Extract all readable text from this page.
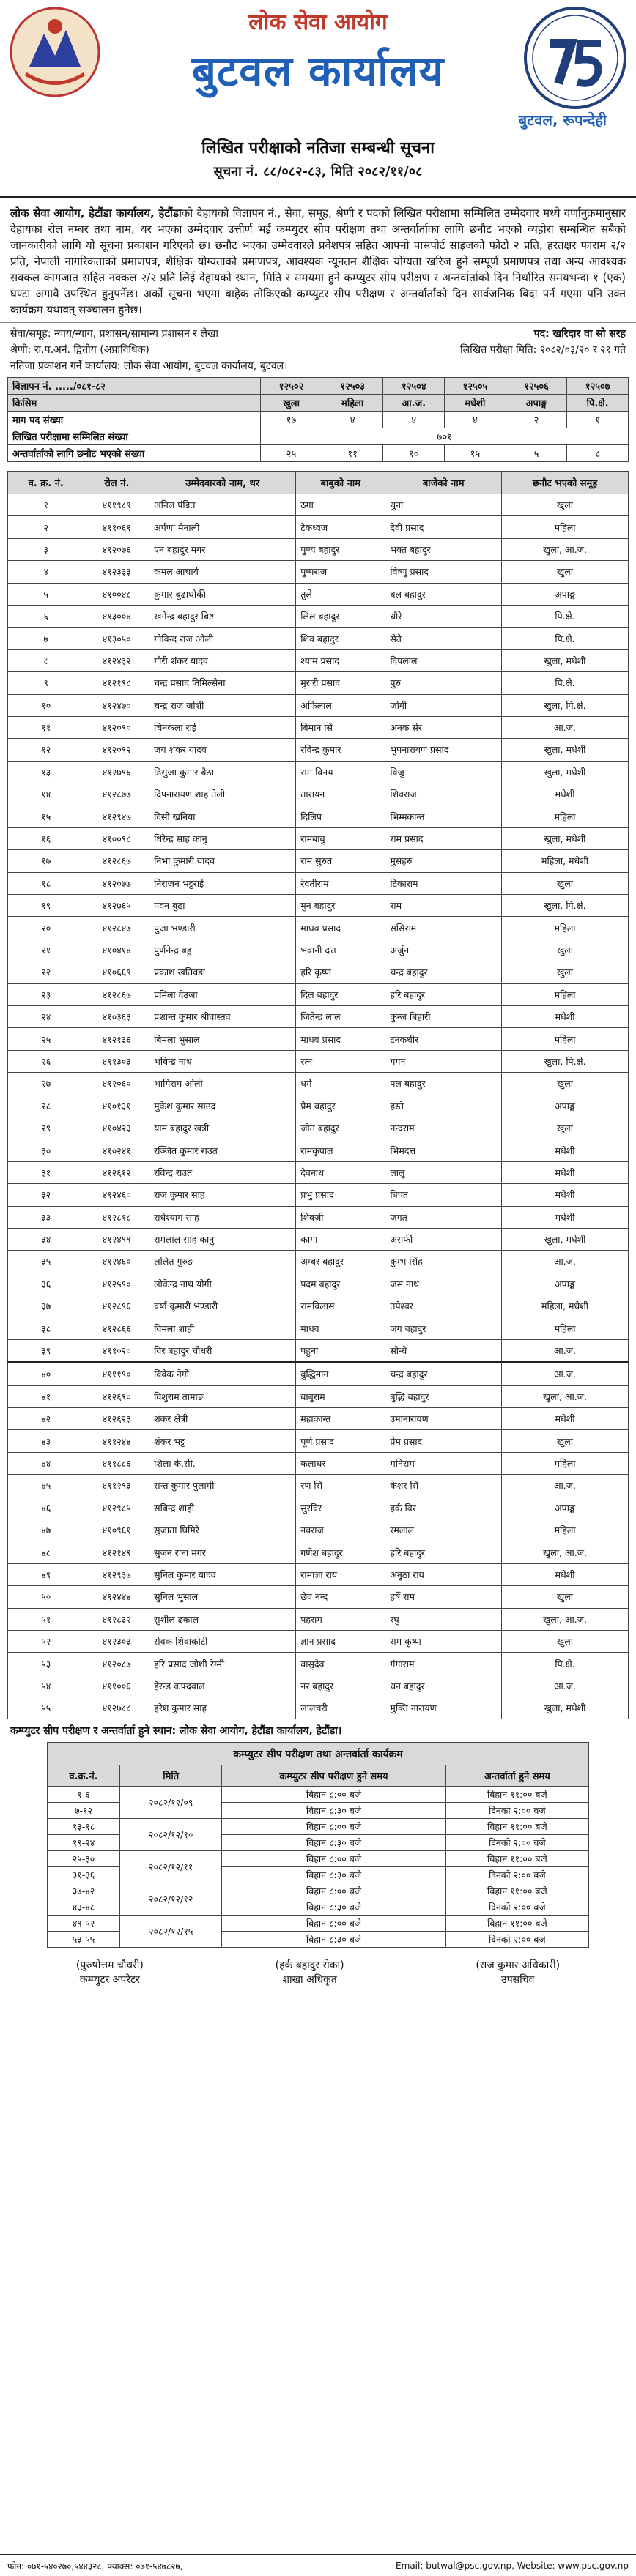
लोक सेवा आयोग
बुटवल कार्यालय
बुटवल, रूपन्देही
लिखित परीक्षाको नतिजा सम्बन्धी सूचना
सूचना नं. ८८/०८२-८३, मिति २०८२/११/०८
लोक सेवा आयोग, हेटौंडा कार्यालय, हेटौंडाको देहायको विज्ञापन नं., सेवा, समूह, श्रेणी र पदको लिखित परीक्षामा सम्मिलित उम्मेदवार मध्ये वर्णानुक्रमानुसार देहायका रोल नम्बर तथा नाम, थर भएका उम्मेदवार उत्तीर्ण भई कम्प्युटर सीप परीक्षण तथा अन्तर्वार्ताका लागि छनौट भएको व्यहोरा सम्बन्धित सबैको जानकारीको लागि यो सूचना प्रकाशन गरिएको छ। छनौट भएका उम्मेदवारले प्रवेशपत्र सहित आफ्नो पासपोर्ट साइजको फोटो २ प्रति, हरतक्षर फाराम २/२ प्रति, नेपाली नागरिकताको प्रमाणपत्र, शैक्षिक योग्यताको प्रमाणपत्र, आवश्यक न्यूनतम शैक्षिक योग्यता खरिज हुने सम्पूर्ण प्रमाणपत्र तथा अन्य आवश्यक सक्कल कागजात सहित नक्कल २/२ प्रति लिई देहायको स्थान, मिति र समयमा हुने कम्प्युटर सीप परीक्षण र अन्तर्वार्ताको दिन निर्धारित समयभन्दा १ (एक) घण्टा अगावै उपस्थित हुनुपर्नेछ। अर्को सूचना भएमा बाहेक तोकिएको कम्प्युटर सीप परीक्षण र अन्तर्वार्ताको दिन सार्वजनिक बिदा पर्न गएमा पनि उक्त कार्यक्रम यथावत् सञ्चालन हुनेछ।
सेवा/समूह: न्याय/न्याय, प्रशासन/सामान्य प्रशासन र लेखा	पद: खरिदार वा सो सरह
श्रेणी: रा.प.अनं. द्वितीय (अप्राविधिक)	लिखित परीक्षा मिति: २०८२/०३/२० र २१ गते
नतिजा प्रकाशन गर्ने कार्यालय: लोक सेवा आयोग, बुटवल कार्यालय, बुटवल।
विज्ञापन नं. ...../०८१-८२	१२५०२	१२५०३	१२५०४	१२५०५	१२५०६	१२५०७
किसिम	खुला	महिला	आ.ज.	मधेशी	अपाङ्ग	पि.क्षे.
माग पद संख्या	१७	४	४	४	२	१
लिखित परीक्षामा सम्मिलित संख्या	७०१					
अन्तर्वार्ताको लागि छनौट भएको संख्या	२५	११	१०	१५	५	८
व. क्र. नं.	रोल नं.	उम्मेदवारको नाम, थर	बाबुको नाम	बाजेको नाम	छनौट भएको समूह
१	४११९८९	अनिल पंडित	ठगा	धुना	खुला
२	४११०६१	अर्पणा मैनाली	टेकध्वज	देवी प्रसाद	महिला
३	४१२०७६	एन बहादुर मगर	पुण्य बहादुर	भक्त बहादुर	खुला, आ.ज.
४	४१२३३३	कमल आचार्य	पुष्पराज	विष्णु प्रसाद	खुला
५	४१००४८	कुमार बुढाथोकी	तुले	बल बहादुर	अपाङ्ग
६	४१३००४	खगेन्द्र बहादुर बिष्ट	लिल बहादुर	धौरे	पि.क्षे.
७	४१३०५०	गोविन्द राज ओली	शिव बहादुर	सेते	पि.क्षे.
८	४१२४३२	गौरी शंकर यादव	श्याम प्रसाद	दिपलाल	खुला, मधेशी
९	४१२१९८	चन्द्र प्रसाद तिमिल्सेना	मुरारी प्रसाद	पुरु	पि.क्षे.
१०	४१२४७०	चन्द्र राज जोशी	अफिलाल	जोगी	खुला, पि.क्षे.
११	४१२०९०	चिनकला राई	बिमान सिं	अनक सेर	आ.ज.
१२	४१२०९२	जय शंकर यादव	रविन्द्र कुमार	भुपनारायण प्रसाद	खुला, मधेशी
१३	४१२७९६	डिसुजा कुमार बैठा	राम विनय	विजु	खुला, मधेशी
१४	४१२८७७	दिपनारायण शाह तेली	तारायन	शिवराज	मधेशी
१५	४१२९४७	दिसी खनिया	दिलिप	भिम्मकान्त	महिला
१६	४१००९८	धिरेन्द्र साह कानु	रामबाबु	राम प्रसाद	खुला, मधेशी
१७	४१२८६७	निभा कुमारी यादव	राम सुरुत	मुसहरु	महिला, मधेशी
१८	४१२०७७	निराजन भट्टराई	रेवतीराम	टिकाराम	खुला
१९	४१२७६५	पवन बुढा	मुन बहादुर	राम	खुला, पि.क्षे.
२०	४१२८४७	पुजा भण्डारी	माधव प्रसाद	ससिराम	महिला
२१	४१०४१४	पुर्णनेन्द्र बहु	भवानी दत्त	अर्जुन	खुला
२२	४१०६६९	प्रकाश खतिवडा	हरि कृष्ण	चन्द्र बहादुर	खुला
२३	४१२८६७	प्रमिला देउजा	दिल बहादुर	हरि बहादुर	महिला
२४	४१०३६३	प्रशान्त कुमार श्रीवास्तव	जितेन्द्र लाल	कुन्ज बिहारी	मधेशी
२५	४१२१३६	बिमला भुसाल	माधव प्रसाद	टनकधीर	महिला
२६	४११३०३	भविन्द्र नाथ	रत्न	गगन	खुला, पि.क्षे.
२७	४१२०६०	भागिराम ओली	धर्मे	पल बहादुर	खुला
२८	४१०१३१	मुकेश कुमार साउद	प्रेम बहादुर	हस्ते	अपाङ्ग
२९	४१०४२३	याम बहादुर खत्री	जीत बहादुर	नन्दराम	खुला
३०	४१०२४१	रञ्जित कुमार राउत	रामकृपाल	भिमदत्त	मधेशी
३१	४१२६१२	रविन्द्र राउत	देवनाथ	लालु	मधेशी
३२	४१२४६०	राज कुमार साह	प्रभु प्रसाद	बिपत	मधेशी
३३	४१२८१८	राधेश्याम साह	शिवजी	जगत	मधेशी
३४	४१२४९९	रामलाल साह कानु	कागा	असर्फी	खुला, मधेशी
३५	४१२४६०	ललित गुरुङ	अम्बर बहादुर	कुम्भ सिंह	आ.ज.
३६	४१२५९०	लोकेन्द्र नाथ योगी	पदम बहादुर	जस नाथ	अपाङ्ग
३७	४१२८९६	वर्षा कुमारी भण्डारी	रामविलास	तपेश्वर	महिला, मधेशी
३८	४१२८६६	विमला शाही	माधव	जंग बहादुर	महिला
३९	४११०२०	विर बहादुर चौधरी	पहुना	सोन्धे	आ.ज.
४०	४१११९०	विवेक नेगी	बुद्धिमान	चन्द्र बहादुर	आ.ज.
४१	४१२६९०	विशुराम तामाङ	बाबुराम	बुद्धि बहादुर	खुला, आ.ज.
४२	४१२६२३	शंकर क्षेत्री	महाकान्त	उमानारायण	मधेशी
४३	४११२४४	शंकर भट्ट	पूर्ण प्रसाद	प्रेम प्रसाद	खुला
४४	४११८८६	शिला के.सी.	कलाधर	मनिराम	महिला
४५	४११२९३	सन्त कुमार पुलामी	रण सिं	केशर सिं	आ.ज.
४६	४१२९८५	सबिन्द्र शाही	सुरविर	हर्क विर	अपाङ्ग
४७	४१०९६१	सुजाता घिमिरे	नवराज	रमलाल	महिला
४८	४१२१४९	सुजन राना मगर	गणेश बहादुर	हरि बहादुर	खुला, आ.ज.
४९	४१२९३७	सुनिल कुमार यादव	रामाज्ञा राय	अनुठा राय	मधेशी
५०	४१२४४४	सुनिल भुसाल	छेव नन्द	हर्षे राम	खुला
५१	४१२८३२	सुशील ढकाल	पहराम	रघु	खुला, आ.ज.
५२	४१२३०३	सेवक शिवाकोटी	ज्ञान प्रसाद	राम कृष्ण	खुला
५३	४१२०८७	हरि प्रसाद जोशी रेग्मी	वासुदेव	गंगाराम	पि.क्षे.
५४	४११००६	हेरन्ड कफ्दवाल	नर बहादुर	धन बहादुर	आ.ज.
५५	४१२७८८	हरेश कुमार साह	लालचरी	मुक्ति नारायण	खुला, मधेशी
कम्प्युटर सीप परीक्षण र अन्तर्वार्ता हुने स्थान: लोक सेवा आयोग, हेटौंडा कार्यालय, हेटौंडा।
कम्प्युटर सीप परीक्षण तथा अन्तर्वार्ता कार्यक्रम			
व.क्र.नं.	मिति	कम्प्युटर सीप परीक्षण हुने समय	अन्तर्वार्ता हुने समय
१-६	२०८२/१२/०९	बिहान ८:०० बजे	बिहान ११:०० बजे
७-१२		बिहान ८:३० बजे	दिनको २:०० बजे
१३-१८	२०८२/१२/१०	बिहान ८:०० बजे	बिहान ११:०० बजे
१९-२४		बिहान ८:३० बजे	दिनको २:०० बजे
२५-३०	२०८२/१२/११	बिहान ८:०० बजे	बिहान ११:०० बजे
३१-३६		बिहान ८:३० बजे	दिनको २:०० बजे
३७-४२	२०८२/१२/१२	बिहान ८:०० बजे	बिहान ११:०० बजे
४३-४८		बिहान ८:३० बजे	दिनको २:०० बजे
४९-५२	२०८२/१२/१५	बिहान ८:०० बजे	बिहान ११:०० बजे
५३-५५		बिहान ८:३० बजे	दिनको २:०० बजे
(पुरुषोत्तम चौधरी)
कम्प्युटर अपरेटर
(हर्क बहादुर रोका)
शाखा अधिकृत
(राज कुमार अधिकारी)
उपसचिव
फोन: ०७१-५४०२७०,५४४३२८, फ्याक्स: ०७१-५४७८२७,	Email: butwal@psc.gov.np, Website: www.psc.gov.np
